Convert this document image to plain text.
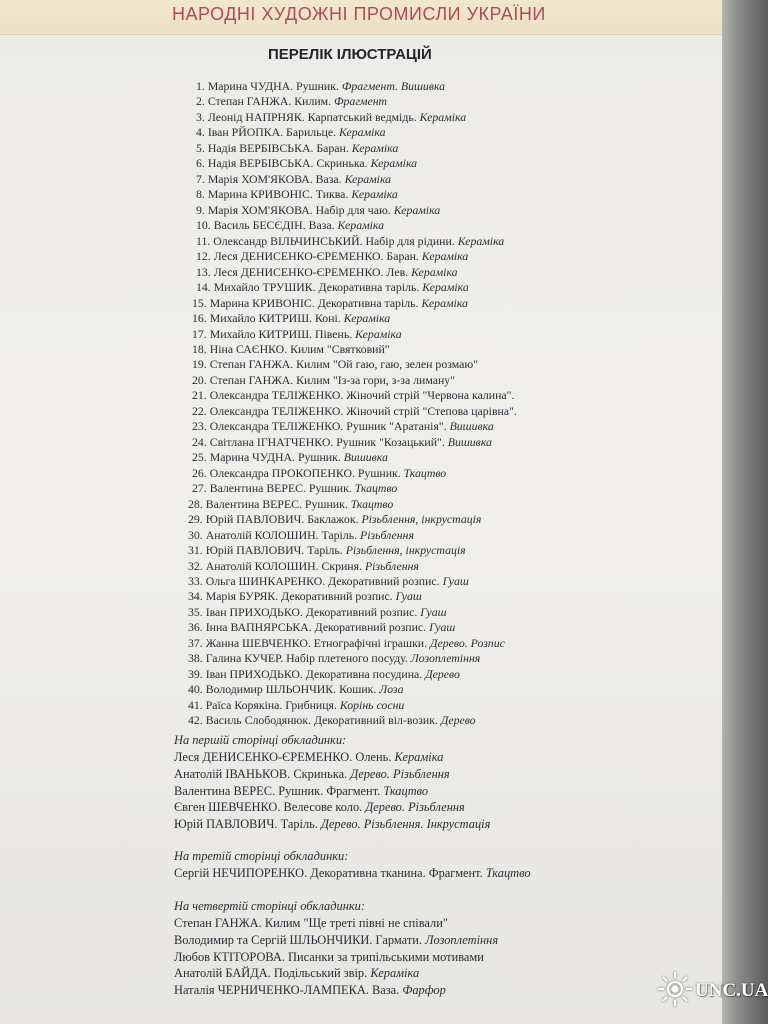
НАРОДНІ ХУДОЖНІ ПРОМИСЛИ УКРАЇНИ
ПЕРЕЛІК ІЛЮСТРАЦІЙ
1. Марина ЧУДНА. Рушник. Фрагмент. Вишивка
2. Степан ГАНЖА. Килим. Фрагмент
3. Леонід НАПРНЯК. Карпатський ведмідь. Кераміка
4. Іван РЙОПКА. Барильце. Кераміка
5. Надія ВЕРБІВСЬКА. Баран. Кераміка
6. Надія ВЕРБІВСЬКА. Скринька. Кераміка
7. Марія ХОМ'ЯКОВА. Ваза. Кераміка
8. Марина КРИВОНІС. Тиква. Кераміка
9. Марія ХОМ'ЯКОВА. Набір для чаю. Кераміка
10. Василь БЕСЄДІН. Ваза. Кераміка
11. Олександр ВІЛЬЧИНСЬКИЙ. Набір для рідини. Кераміка
12. Леся ДЕНИСЕНКО-ЄРЕМЕНКО. Баран. Кераміка
13. Леся ДЕНИСЕНКО-ЄРЕМЕНКО. Лев. Кераміка
14. Михайло ТРУШИК. Декоративна таріль. Кераміка
15. Марина КРИВОНІС. Декоративна таріль. Кераміка
16. Михайло КИТРИШ. Коні. Кераміка
17. Михайло КИТРИШ. Півень. Кераміка
18. Ніна САЄНКО. Килим "Святковий"
19. Степан ГАНЖА. Килим "Ой гаю, гаю, зелен розмаю"
20. Степан ГАНЖА. Килим "Із-за гори, з-за лиману"
21. Олександра ТЕЛІЖЕНКО. Жіночий стрій "Червона калина".
22. Олександра ТЕЛІЖЕНКО. Жіночий стрій "Степова царівна".
23. Олександра ТЕЛІЖЕНКО. Рушник "Аратанія". Вишивка
24. Світлана ІГНАТЧЕНКО. Рушник "Козацький". Вишивка
25. Марина ЧУДНА. Рушник. Вишивка
26. Олександра ПРОКОПЕНКО. Рушник. Ткацтво
27. Валентина ВЕРЕС. Рушник. Ткацтво
28. Валентина ВЕРЕС. Рушник. Ткацтво
29. Юрій ПАВЛОВИЧ. Баклажок. Різьблення, інкрустація
30. Анатолій КОЛОШИН. Таріль. Різьблення
31. Юрій ПАВЛОВИЧ. Таріль. Різьблення, інкрустація
32. Анатолій КОЛОШИН. Скриня. Різьблення
33. Ольга ШИНКАРЕНКО. Декоративний розпис. Гуаш
34. Марія БУРЯК. Декоративний розпис. Гуаш
35. Іван ПРИХОДЬКО. Декоративний розпис. Гуаш
36. Інна ВАПНЯРСЬКА. Декоративний розпис. Гуаш
37. Жанна ШЕВЧЕНКО. Етнографічні іграшки. Дерево. Розпис
38. Галина КУЧЕР. Набір плетеного посуду. Лозоплетіння
39. Іван ПРИХОДЬКО. Декоративна посудина. Дерево
40. Володимир ШЛЬОНЧИК. Кошик. Лоза
41. Раїса Корякіна. Грибниця. Корінь сосни
42. Василь Слободянюк. Декоративний віл-возик. Дерево
На першій сторінці обкладинки:
Леся ДЕНИСЕНКО-ЄРЕМЕНКО. Олень. Кераміка
Анатолій ІВАНЬКОВ. Скринька. Дерево. Різьблення
Валентина ВЕРЕС. Рушник. Фрагмент. Ткацтво
Євген ШЕВЧЕНКО. Велесове коло. Дерево. Різьблення
Юрій ПАВЛОВИЧ. Таріль. Дерево. Різьблення. Інкрустація
На третій сторінці обкладинки:
Сергій НЕЧИПОРЕНКО. Декоративна тканина. Фрагмент. Ткацтво
На четвертій сторінці обкладинки:
Степан ГАНЖА. Килим "Ще треті півні не співали"
Володимир та Сергій ШЛЬОНЧИКИ. Гармати. Лозоплетіння
Любов КТІТОРОВА. Писанки за трипільськими мотивами
Анатолій БАЙДА. Подільський звір. Кераміка
Наталія ЧЕРНИЧЕНКО-ЛАМПЕКА. Ваза. Фарфор	UNC.UA
